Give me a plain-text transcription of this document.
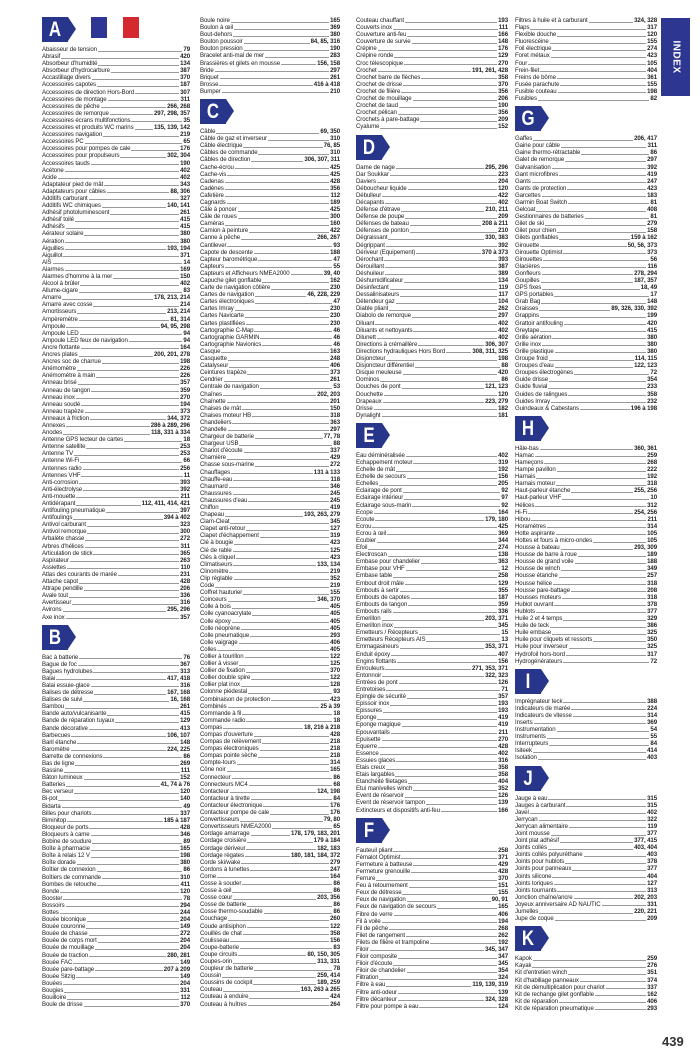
A
Abaisseur de tension	79
Abrasif	420
Absorbeur d'humidité	134
Absorbeur d'hydrocarbure	387
Accastillage divers	370
Accessoires capotes	187
Accessoires de direction Hors-Bord	307
Accessoires de montage	311
Accessoires de pêche	266, 268
Accessoires de remorque	297, 298, 357
Accessoires écrans multifonctions	35
Accessoires et produits WC marins	135, 139, 142
Accessoires navigation	219
Accessoires PC	65
Accessoires pour pompes de cale	176
Accessoires pour propulseurs	302, 304
Accessoires tauds	190
Acétone	402
Acide	402
Adaptateur pied de mât	343
Adaptateurs pour câbles	88, 306
Additifs carburant	327
Additifs WC chimiques	140, 141
Adhésif photoluminescent	261
Adhésif toilé	415
Adhésifs	415
Aérateur solaire	380
Aération	380
Aiguilles	193, 194
Aiguillot	371
AIS	14
Alarmes	169
Alarmes d'homme à la mer	150
Alcool à brûler	402
Allume-cigare	83
Amarre	178, 213, 214
Amarre avec cosse	214
Amortisseurs	213, 214
Ampèremètre	81, 314
Ampoule	94, 95, 298
Ampoule LED	94
Ampoule LED feux de navigation	94
Ancre flottante	164
Ancres plates	200, 201, 278
Ancres soc de charrue	198
Anémomètre	226
Anémomètre à main	226
Anneau brisé	357
Anneau de tangon	359
Anneau inox	270
Anneau soudé	194
Anneau trapèze	373
Anneaux à friction	344, 372
Annexes	286 à 289, 296
Anodes	118, 331 à 334
Antenne GPS lecteur de cartes	18
Antenne satellite	253
Antenne TV	253
Antenne Wi-Fi	66
Antennes radio	256
Antennes VHF	11
Anti-corrosion	393
Anti-électrolyse	392
Anti-mouette	211
Antidérapant	112, 411, 414, 421
Antifouling pneumatique	397
Antifoulings	394 à 402
Antivol carburant	323
Antivol remorque	300
Arbalète chasse	272
Arbres d'hélices	311
Articulation de stick	365
Aspirateur	263
Assiettes	110
Atlas des courants de marée	231
Attache capot	428
Attrape pendille	206
Avale tout	336
Avertisseur	316
Avirons	295, 296
Axe inox	357
B
Bac à batterie	76
Bague de foc	367
Bagues hydrolubes	313
Balai	417, 418
Balai essuie-glace	316
Balises de détresse	167, 168
Balises de suivi	16, 168
Bambou	261
Bande auto/vulcanisante	415
Bande de réparation tuyaux	129
Bande décorative	413
Barbecues	106, 107
Baril étanche	148
Baromètre	224, 225
Barrette de connexions	86
Bas de ligne	269
Bassine	111
Bâton lumineux	152
Batteries	41, 74 à 76
Bec verseur	120
Bi-pot	140
Bidarta	49
Billes pour chariots	337
Biminitop	185 à 187
Bloqueur de ports	428
Bloqueurs à came	346
Bobine de soudure	89
Boîte à pharmacie	165
Boîte à relais 12 V	198
Boîte dorade	380
Boîtier de connexion	86
Boîtiers de commande	310
Bombes de retouche	411
Bonde	120
Booster	78
Bossoirs	294
Bottes	244
Bouée biconique	204
Bouée couronne	149
Bouée de chasse	272
Bouée de corps mort	204
Bouée de mouillage	204
Bouée de traction	280, 281
Bouée FAC	149
Bouée pare-battage	207 à 209
Bouée Sitzig	149
Bouées	204
Bougies	331
Bouilloire	112
Boule de drisse	370
Boule noire	165
Boulon à œil	369
Bout-dehors	380
Bouton poussoir	84, 85, 316
Bouton pression	190
Bracelet anti-mal de mer	283
Brassières et gilets en mousse	156, 158
Bride	297
Briquet	261
Brosse	416 à 418
Bumper	210
C
Câble	69, 350
Câble de gaz et inverseur	310
Câble électrique	76, 85
Câbles de commande	310
Câbles de direction	306, 307, 311
Cache-écrou	425
Cache-vis	425
Cadenas	428
Cadènes	356
Cafetière	112
Cagnards	189
Câle à poncer	425
Câle de roues	300
Caméras	160
Camion à peinture	422
Canne à pêche	266, 267
Cantilever	93
Capote de descente	188
Capteur barométrique	47
Capteurs	55
Capteurs et Afficheurs NMEA2000	39, 40
Capuche gilet gonflable	162
Carte de navigation côtière	230
Cartes de navigation	46, 228, 229
Cartes électroniques	47
Cartes Imray	230
Cartes Navicarte	230
Cartes plastifiées	230
Cartographie C-Map	46
Cartographie GARMIN	46
Cartographie Navionics	46
Casque	163
Casquette	248
Catalyseur	406
Ceintures trapèze	373
Cendrier	261
Centrale de navigation	53
Chaînes	202, 203
Chaînette	201
Chaises de mât	150
Chaises moteur HB	318
Chandeliers	363
Chandelle	297
Chargeur de batterie	77, 78
Chargeur USB	88
Chariot d'écoute	337
Charnière	429
Chasse sous-marine	272
Chauffages	131 à 133
Chauffe-eau	118
Chaumard	346
Chaussures	245
Chaussures d'eau	245
Chiffon	419
Chapeau	193, 263, 279
Clam-Cleat	345
Clapet anti-retour	127
Clapet d'échappement	319
Clé à bougie	423
Clé de rable	125
Clés à cliquet	423
Climatiseurs	133, 134
Clinomètre	219
Clip réglable	352
Code	219
Coffret hauturier	155
Coinceurs	346, 370
Colle à bois	405
Colle cyanoacrylate	405
Colle époxy	405
Colle néoprène	405
Colle pneumatique	293
Colle vaigrage	406
Colles	405
Collier à tourillon	122
Collier à visser	125
Collier de fixation	370
Collier double spire	122
Collier plat inox	128
Colonne piédestal	93
Combinaison de protection	423
Combinés	25 à 39
Commande à fil	18
Commande radio	18
Compas	18, 216 à 218
Compas d'ouverture	428
Compas de relèvement	218
Compas électroniques	218
Compas pointe sèche	218
Compte-tours	314
Cône noir	165
Connecteur	86
Connecteurs MC4	68
Contacteur	124, 198
Contacteur à tirette	84
Contacteur électronique	176
Contacteur pompe de cale	176
Convertisseurs	79, 80
Convertisseurs NMEA2000	65
Cordage amarrage	178, 179, 183, 201
Cordage croisière	179 à 184
Cordage dériveur	182, 183
Cordage régates	180, 181, 184, 372
Corde ski/wake	279
Cordons à lunettes	247
Corne	164
Cosse à souder	86
Cosse à œil	86
Cosse cœur	203, 356
Cosse de batterie	86
Cosse thermo-soudable	86
Couchage	260
Coude antisiphon	122
Couillès de chat	358
Coulisseau	156
Coupe-batterie	83
Coupe circuits	80, 150, 305
Coupes-orin	313, 331
Coupleur de batterie	78
Coussin	259, 414
Coussins de cockpit	189, 259
Couteau	163, 263 à 265
Couteau à enduire	424
Couteau à huîtres	264
Couteau chauffant	193
Couverts inox	111
Couverture anti-feu	166
Couverture de survie	148
Crépine	176
Crépine ronde	129
Croc télescopique	270
Crochet	191, 261, 428
Crochet barre de flèches	358
Crochet de drisse	370
Crochet de filière	356
Crochet de mouillage	206
Crochet de taud	190
Crochet pélican	356
Crochets à pare-battage	209
Cyalume	152
D
Dame de nage	295, 296
Dar Soukkar	223
Daviers	204
Déboucheur liquide	120
Débulleur	422
Décapants	402
Défense d'étrave	210, 211
Défense de poupe	209
Défenses de bateau	208 à 211
Défenses de ponton	210
Dégraissant	330, 383
Dégrippant	392
Dériveur (Equipement)	370 à 373
Dérochant	393
Dérouillant	387
Déshuileur	389
Déshumidificateur	134
Désinfectant	119
Dessalinisateurs	117
Détendeur gaz	104
Diable pliant	262
Diabolo de remorque	297
Diluant	402
Diluants et nettoyants	402
Dilunett	402
Directions à crémaillère	306, 307
Directions hydrauliques Hors Bord	308, 311, 325
Disjoncteur	198
Disjoncteur différentiel	88
Disque meuleuse	420
Dominos	86
Douches de pont	121, 123
Douchette	120
Drapeaux	223, 279
Drisse	182
Dynalight	181
E
Eau déminéralisée	402
Echappement moteur	319
Echelle de mât	192
Echelle de secours	156
Echelles	205
Eclairage de pont	92
Eclairage intérieur	97
Eclairage sous-marin	92
Ecope	164
Ecoute	179, 180
Ecrou	425
Ecrou à œil	369
Ecubier	344
Efoil	274
Electroscan	138
Embase pour chandelier	363
Embase pour VHF	12
Embase table	258
Embout droit mâle	129
Embouts à sertir	355
Embouts de capotes	187
Embouts de tangon	359
Embouts rails	336
Emerillon	203, 371
Emerillon inox	345
Emetteurs / Récepteurs	15
Emetteurs Récepteurs AIS	13
Emmagasineurs	353, 371
Enduit époxy	407
Engins flottants	156
Enrouleurs	271, 353, 371
Entonnoir	322, 323
Entrées de pont	126
Entretoises	71
Epingle de sécurité	357
Epissoir inox	193
Epissures	193
Eponge	419
Eponge magique	419
Epouvantails	211
Epuisette	270
Equerre	428
Essence	402
Essuies glaces	316
Etais creux	358
Etais largables	358
Etanchéité filetages	404
Etui manivelles winch	352
Event de réservoir	126
Event de réservoir tampon	139
Extincteurs et dispositifs anti-feu	166
F
Fauteuil pliant	258
Fémalot Optimist	371
Fermeture à batteuse	429
Fermeture grenouille	428
Ferrure	370
Feu à retournement	151
Feux de détresse	155
Feux de navigation	90, 91
Feux de navigation de secours	165
Fibre de verre	406
Fil à voile	194
Fil de pêche	268
Filet de rangement	262
Filets de filière et trampoline	192
Filoir	345, 347
Filoir composite	347
Filoir d'écoute	345
Filoir de chandelier	354
Filtration	324
Filtre à eau	119, 139, 319
Filtre anti-odeur	139
Filtre décanteur	324, 328
Filtre pour pompe à eau	124
Filtres à huile et à carburant	324, 328
Flaps	317
Flexible douche	120
Fluorescéine	155
Foil électrique	274
Foret métaux	423
Four	105
Frein-filet	404
Freins de bôme	361
Fusée parachute	155
Fusible couteau	198
Fusibles	82
G
Gaffes	206, 417
Gaine pour câble	311
Gaine thermo-rétractable	86
Galet de remorque	297
Galvanisation	392
Gant microfibres	419
Gants	247
Gants de protection	423
Garcettes	183
Garmin Boat Switch	81
Gelcoat	408
Gestionnaires de batteries	81
Gilet de ski	279
Gilet pour chien	158
Gilets gonflables	159 à 162
Girouette	50, 56, 373
Girouette Optimist	373
Girouettes	56
Glacières	116
Gonfleurs	278, 294
Goupilles	187, 357
GPS fixes	18, 49
GPS portables	17
Grab Bag	148
Graisses	89, 326, 330, 392
Grappins	199
Grattoir antifouling	420
Greytape	415
Grille aération	380
Grille inox	380
Grille plastique	380
Groupe froid	114, 115
Groupes d'eau	122, 123
Groupes électrogènes	72
Guide drisse	354
Guide fluvial	233
Guides de ralingues	358
Guides Imray	232
Guindeaux & Cabestans	196 à 198
H
Hâle-bas	360, 361
Hamac	259
Hameçons	268
Hampe pavillon	222
Harnais	192
Harnais moteur	318
Haut-parleur étanche	255, 256
Haut-parleur VHF	10
Hélices	312
Hi-Fi	254, 256
Hibou	211
Horamètres	314
Hotte aspirante	105
Hottes et fours à micro-ondes	105
Housse à bateau	293, 309
Housse de barre à roue	189
Housse de grand voile	188
Housse de winch	349
Housse étanche	257
Housse hélice	318
Housse pare-battage	208
Housses moteurs	318
Hublot ouvrant	378
Hublots	377
Huile 2 et 4 temps	329
Huile de teck	386
Huile embase	325
Huile pour cliquets et ressorts	350
Huile pour inverseur	325
Hydrofoil hors-bord	317
Hydrogénérateurs	72
I
Imprégnateur teck	388
Indicateurs de marée	224
Indicateurs de vitesse	314
Inserts	369
Instrumentation	54
Instruments	55
Interrupteurs	84
Isiteek	414
Isolation	403
J
Jauge à eau	315
Jauges à carburant	315
Javel	402
Jerrycan	322
Jerrycan alimentaire	119
Joint mousse	377
Joint plat adhésif	377, 415
Joints collés	403, 404
Joints collés polyuréthane	403
Joints pour hublots	378
Joints pour panneaux	377
Joints silicone	404
Joints toriques	127
Joints tournants	313
Jonction chaîne/ancre	202, 203
Joyeux anniversaire AD NAUTIC	331
Jumelles	220, 221
Jupe de coque	209
K
Kapok	259
Kayak	276
Kit d'entretien winch	351
Kit d'habillage panneaux	374
Kit de démultiplication pour chariot	337
Kit de rechange gilet gonflable	162
Kit de réparation	406
Kit de réparation pneumatique	293
INDEX
439
